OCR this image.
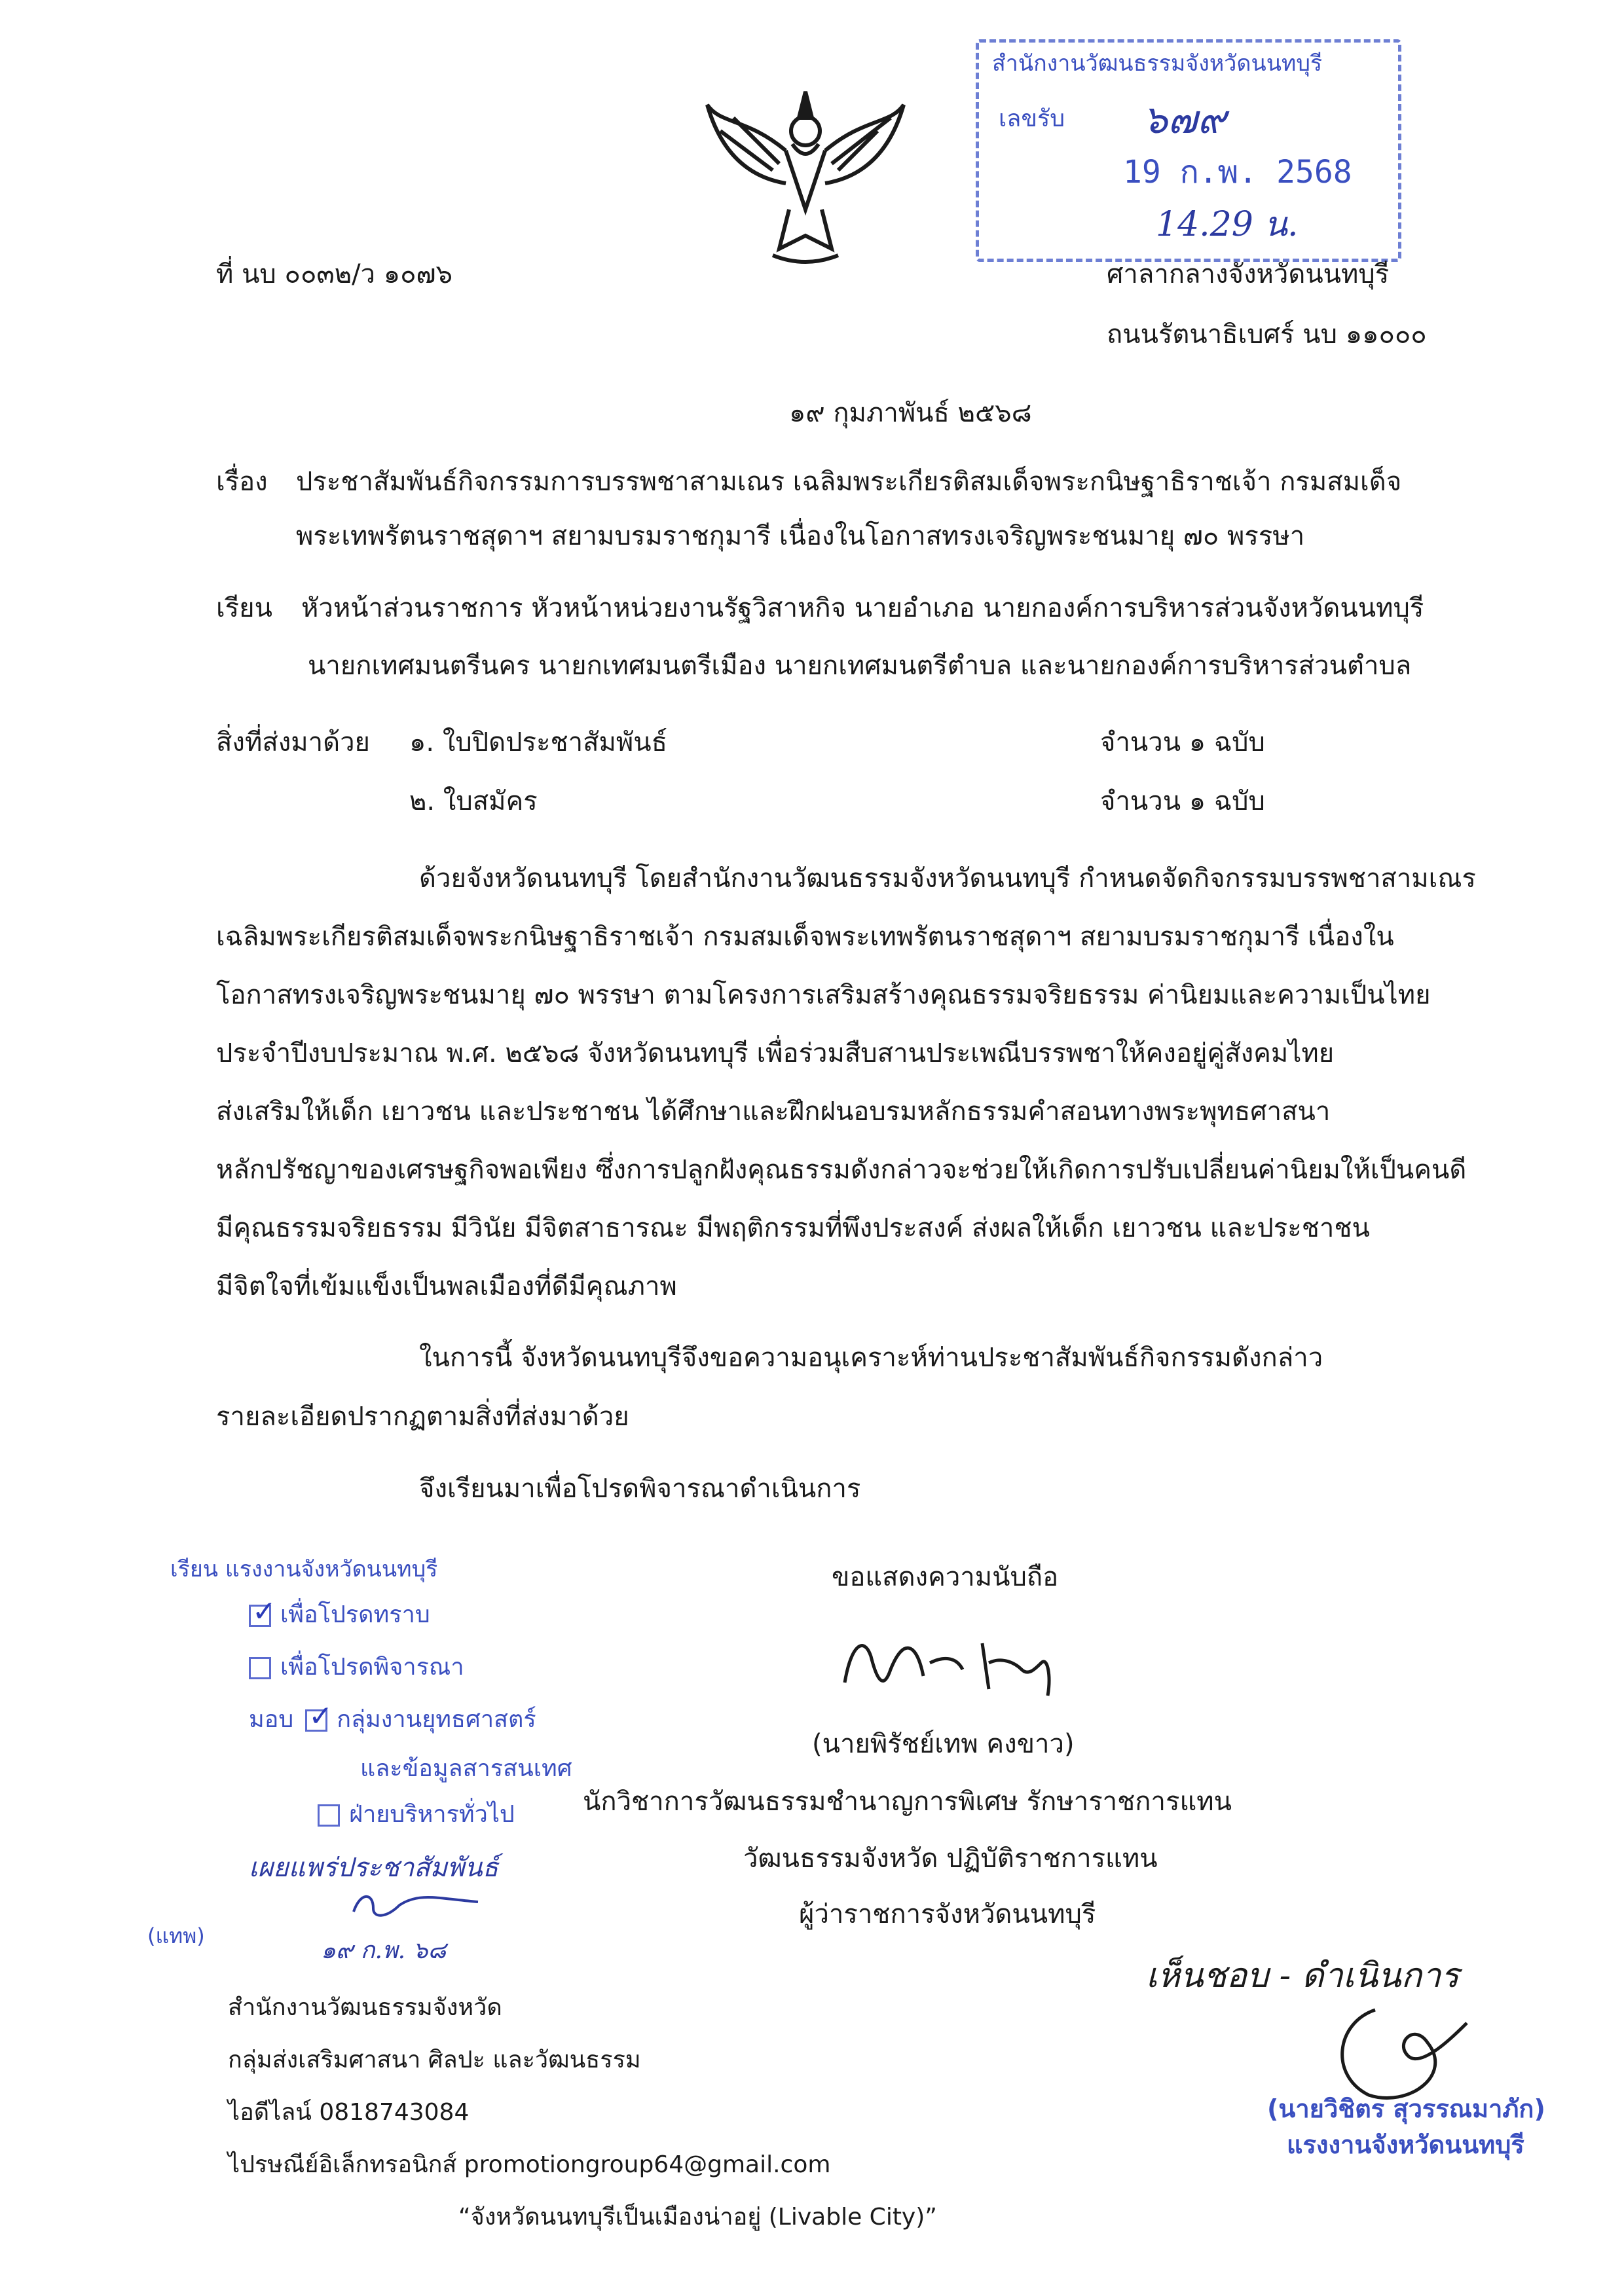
สำนักงานวัฒนธรรมจังหวัดนนทบุรี
เลขรับ ๖๗๙
19 ก.พ. 2568
14.29 น.
ที่ นบ ๐๐๓๒/ว ๑๐๗๖	ศาลากลางจังหวัดนนทบุรี
ถนนรัตนาธิเบศร์ นบ ๑๑๐๐๐
๑๙ กุมภาพันธ์ ๒๕๖๘
เรื่อง ประชาสัมพันธ์กิจกรรมการบรรพชาสามเณร เฉลิมพระเกียรติสมเด็จพระกนิษฐาธิราชเจ้า กรมสมเด็จ
พระเทพรัตนราชสุดาฯ สยามบรมราชกุมารี เนื่องในโอกาสทรงเจริญพระชนมายุ ๗๐ พรรษา
เรียน หัวหน้าส่วนราชการ หัวหน้าหน่วยงานรัฐวิสาหกิจ นายอำเภอ นายกองค์การบริหารส่วนจังหวัดนนทบุรี
นายกเทศมนตรีนคร นายกเทศมนตรีเมือง นายกเทศมนตรีตำบล และนายกองค์การบริหารส่วนตำบล
สิ่งที่ส่งมาด้วย ๑. ใบปิดประชาสัมพันธ์	จำนวน ๑ ฉบับ
๒. ใบสมัคร	จำนวน ๑ ฉบับ
ด้วยจังหวัดนนทบุรี โดยสำนักงานวัฒนธรรมจังหวัดนนทบุรี กำหนดจัดกิจกรรมบรรพชาสามเณร
เฉลิมพระเกียรติสมเด็จพระกนิษฐาธิราชเจ้า กรมสมเด็จพระเทพรัตนราชสุดาฯ สยามบรมราชกุมารี เนื่องใน
โอกาสทรงเจริญพระชนมายุ ๗๐ พรรษา ตามโครงการเสริมสร้างคุณธรรมจริยธรรม ค่านิยมและความเป็นไทย
ประจำปีงบประมาณ พ.ศ. ๒๕๖๘ จังหวัดนนทบุรี เพื่อร่วมสืบสานประเพณีบรรพชาให้คงอยู่คู่สังคมไทย
ส่งเสริมให้เด็ก เยาวชน และประชาชน ได้ศึกษาและฝึกฝนอบรมหลักธรรมคำสอนทางพระพุทธศาสนา
หลักปรัชญาของเศรษฐกิจพอเพียง ซึ่งการปลูกฝังคุณธรรมดังกล่าวจะช่วยให้เกิดการปรับเปลี่ยนค่านิยมให้เป็นคนดี
มีคุณธรรมจริยธรรม มีวินัย มีจิตสาธารณะ มีพฤติกรรมที่พึงประสงค์ ส่งผลให้เด็ก เยาวชน และประชาชน
มีจิตใจที่เข้มแข็งเป็นพลเมืองที่ดีมีคุณภาพ
ในการนี้ จังหวัดนนทบุรีจึงขอความอนุเคราะห์ท่านประชาสัมพันธ์กิจกรรมดังกล่าว
รายละเอียดปรากฏตามสิ่งที่ส่งมาด้วย
จึงเรียนมาเพื่อโปรดพิจารณาดำเนินการ
ขอแสดงความนับถือ
(นายพิรัชย์เทพ คงขาว)
นักวิชาการวัฒนธรรมชำนาญการพิเศษ รักษาราชการแทน
วัฒนธรรมจังหวัด ปฏิบัติราชการแทน
ผู้ว่าราชการจังหวัดนนทบุรี
เรียน แรงงานจังหวัดนนทบุรี
✓เพื่อโปรดทราบ
เพื่อโปรดพิจารณา
มอบ✓ กลุ่มงานยุทธศาสตร์
และข้อมูลสารสนเทศ
ฝ่ายบริหารทั่วไป
เผยแพร่ประชาสัมพันธ์
(แทพ)
๑๙ ก.พ. ๖๘
เห็นชอบ - ดำเนินการ
(นายวิชิตร สุวรรณมาภัก)
แรงงานจังหวัดนนทบุรี
สำนักงานวัฒนธรรมจังหวัด
กลุ่มส่งเสริมศาสนา ศิลปะ และวัฒนธรรม
ไอดีไลน์ 0818743084
ไปรษณีย์อิเล็กทรอนิกส์ promotiongroup64@gmail.com
“จังหวัดนนทบุรีเป็นเมืองน่าอยู่ (Livable City)”
